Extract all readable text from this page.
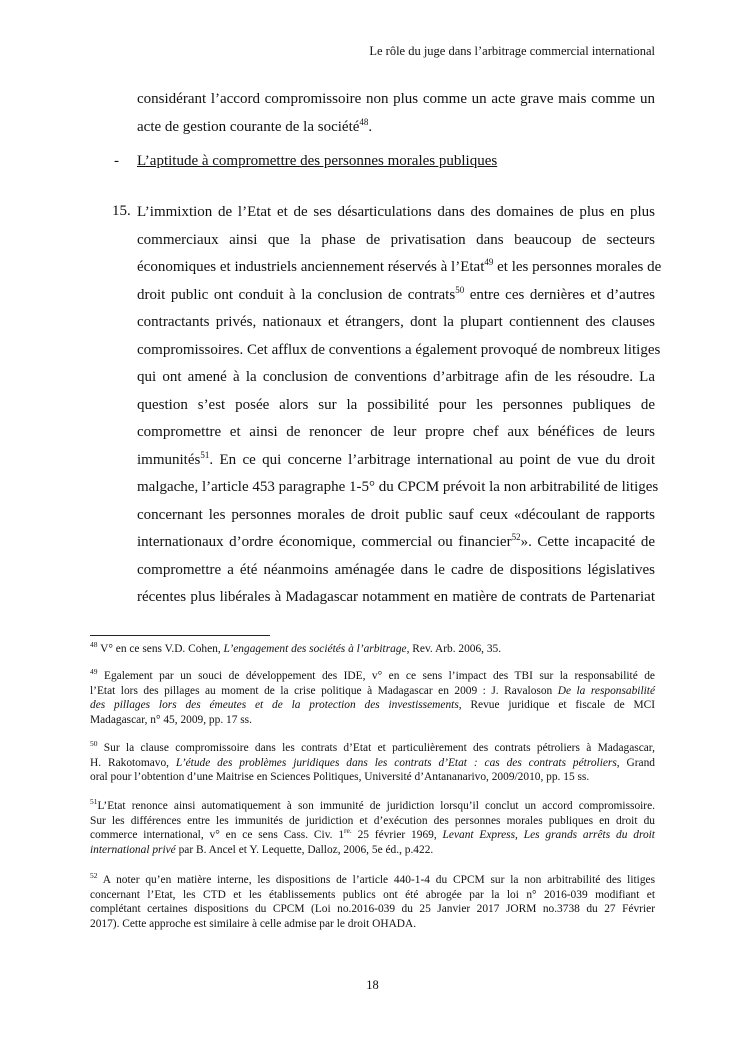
Le rôle du juge dans l’arbitrage commercial international
considérant l’accord compromissoire non plus comme un acte grave mais comme un
acte de gestion courante de la société$^{48}$.
- L’aptitude à compromettre des personnes morales publiques
15. L’immixtion de l’Etat et de ses désarticulations dans des domaines de plus en plus
commerciaux ainsi que la phase de privatisation dans beaucoup de secteurs
économiques et industriels anciennement réservés à l’Etat$^{49}$ et les personnes morales de
droit public ont conduit à la conclusion de contrats$^{50}$ entre ces dernières et d’autres
contractants privés, nationaux et étrangers, dont la plupart contiennent des clauses
compromissoires. Cet afflux de conventions a également provoqué de nombreux litiges
qui ont amené à la conclusion de conventions d’arbitrage afin de les résoudre. La
question s’est posée alors sur la possibilité pour les personnes publiques de
compromettre et ainsi de renoncer de leur propre chef aux bénéfices de leurs
immunités$^{51}$. En ce qui concerne l’arbitrage international au point de vue du droit
malgache, l’article 453 paragraphe 1-5° du CPCM prévoit la non arbitrabilité de litiges
concernant les personnes morales de droit public sauf ceux «découlant de rapports
internationaux d’ordre économique, commercial ou financier$^{52}$». Cette incapacité de
compromettre a été néanmoins aménagée dans le cadre de dispositions législatives
récentes plus libérales à Madagascar notamment en matière de contrats de Partenariat
$^{48}$ V° en ce sens V.D. Cohen, L’engagement des sociétés à l’arbitrage, Rev. Arb. 2006, 35.
$^{49}$ Egalement par un souci de développement des IDE, v° en ce sens l’impact des TBI sur la responsabilité de
l’Etat lors des pillages au moment de la crise politique à Madagascar en 2009 : J. Ravaloson De la responsabilité
des pillages lors des émeutes et de la protection des investissements, Revue juridique et fiscale de MCI
Madagascar, n° 45, 2009, pp. 17 ss.
$^{50}$ Sur la clause compromissoire dans les contrats d’Etat et particulièrement des contrats pétroliers à Madagascar,
H. Rakotomavo, L’étude des problèmes juridiques dans les contrats d’Etat : cas des contrats pétroliers, Grand
oral pour l’obtention d’une Maitrise en Sciences Politiques, Université d’Antananarivo, 2009/2010, pp. 15 ss.
$^{51}$L’Etat renonce ainsi automatiquement à son immunité de juridiction lorsqu’il conclut un accord compromissoire.
Sur les différences entre les immunités de juridiction et d’exécution des personnes morales publiques en droit du
commerce international, v° en ce sens Cass. Civ. $1^{re.}$ 25 février 1969, Levant Express, Les grands arrêts du droit
international privé par B. Ancel et Y. Lequette, Dalloz, 2006, 5e éd., p.422.
$^{52}$ A noter qu’en matière interne, les dispositions de l’article 440-1-4 du CPCM sur la non arbitrabilité des litiges
concernant l’Etat, les CTD et les établissements publics ont été abrogée par la loi n° 2016-039 modifiant et
complétant certaines dispositions du CPCM (Loi no.2016-039 du 25 Janvier 2017 JORM no.3738 du 27 Février
2017). Cette approche est similaire à celle admise par le droit OHADA.
18
